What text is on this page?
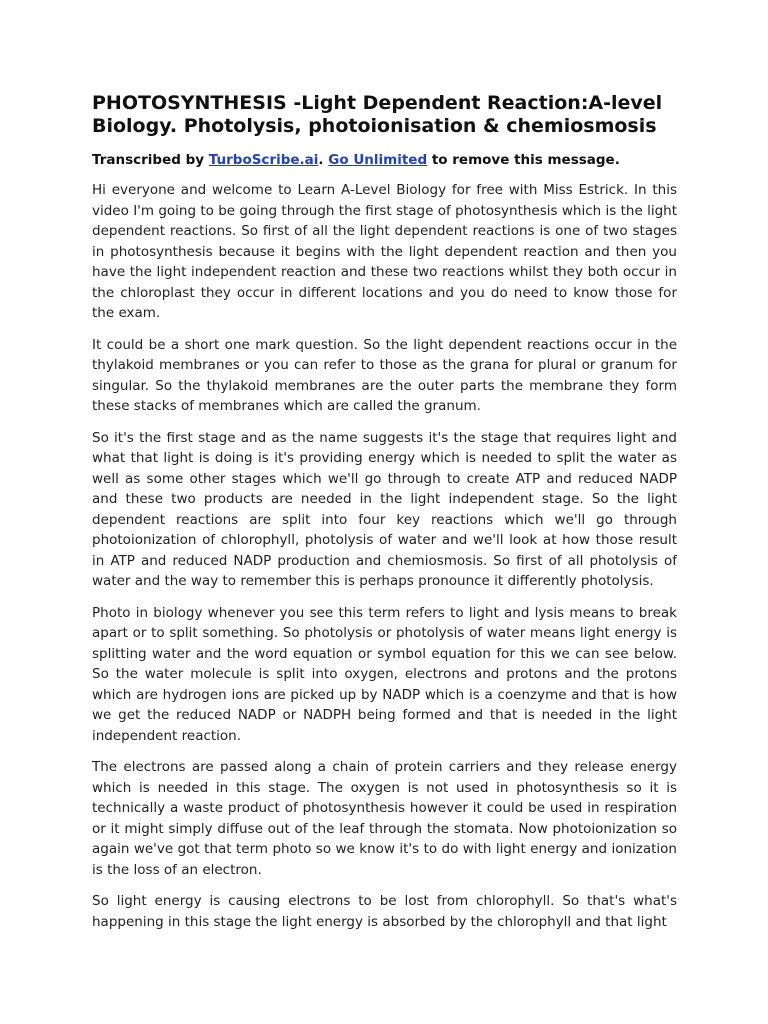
PHOTOSYNTHESIS -Light Dependent Reaction:A-level Biology. Photolysis, photoionisation & chemiosmosis

Transcribed by TurboScribe.ai. Go Unlimited to remove this message.

Hi everyone and welcome to Learn A-Level Biology for free with Miss Estrick. In this video I'm going to be going through the first stage of photosynthesis which is the light dependent reactions. So first of all the light dependent reactions is one of two stages in photosynthesis because it begins with the light dependent reaction and then you have the light independent reaction and these two reactions whilst they both occur in the chloroplast they occur in different locations and you do need to know those for the exam.

It could be a short one mark question. So the light dependent reactions occur in the thylakoid membranes or you can refer to those as the grana for plural or granum for singular. So the thylakoid membranes are the outer parts the membrane they form these stacks of membranes which are called the granum.

So it's the first stage and as the name suggests it's the stage that requires light and what that light is doing is it's providing energy which is needed to split the water as well as some other stages which we'll go through to create ATP and reduced NADP and these two products are needed in the light independent stage. So the light dependent reactions are split into four key reactions which we'll go through photoionization of chlorophyll, photolysis of water and we'll look at how those result in ATP and reduced NADP production and chemiosmosis. So first of all photolysis of water and the way to remember this is perhaps pronounce it differently photolysis.

Photo in biology whenever you see this term refers to light and lysis means to break apart or to split something. So photolysis or photolysis of water means light energy is splitting water and the word equation or symbol equation for this we can see below. So the water molecule is split into oxygen, electrons and protons and the protons which are hydrogen ions are picked up by NADP which is a coenzyme and that is how we get the reduced NADP or NADPH being formed and that is needed in the light independent reaction.

The electrons are passed along a chain of protein carriers and they release energy which is needed in this stage. The oxygen is not used in photosynthesis so it is technically a waste product of photosynthesis however it could be used in respiration or it might simply diffuse out of the leaf through the stomata. Now photoionization so again we've got that term photo so we know it's to do with light energy and ionization is the loss of an electron.

So light energy is causing electrons to be lost from chlorophyll. So that's what's happening in this stage the light energy is absorbed by the chlorophyll and that light
